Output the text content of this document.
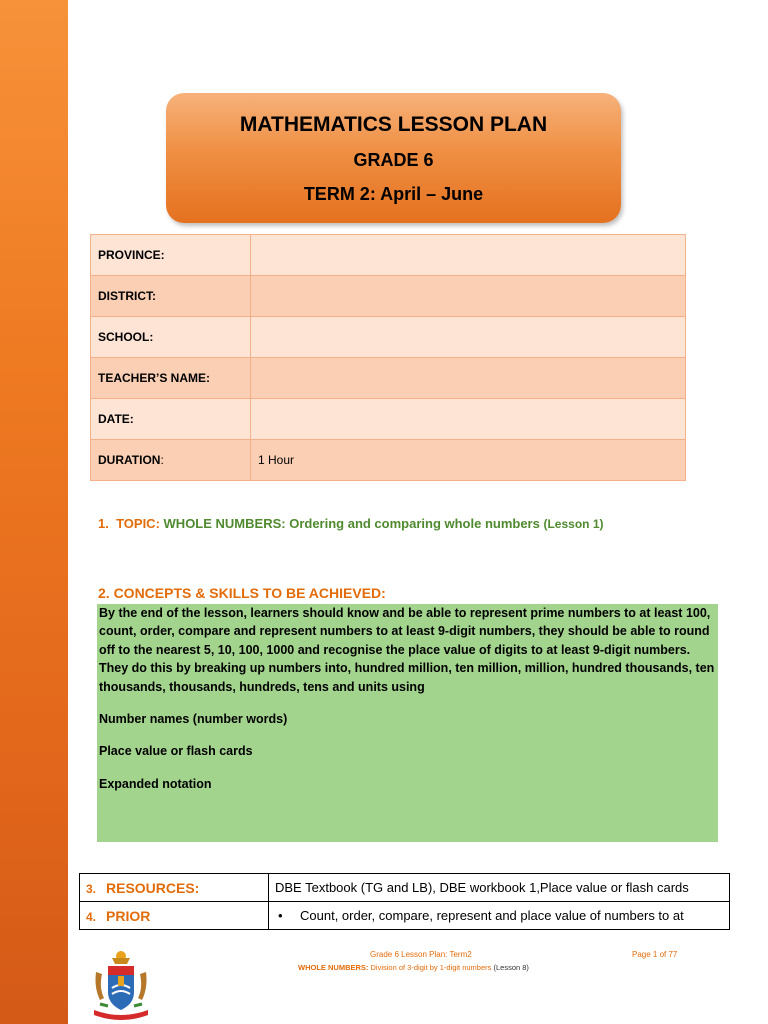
MATHEMATICS LESSON PLAN
GRADE 6
TERM 2: April – June
PROVINCE:	
DISTRICT:	
SCHOOL:	
TEACHER’S NAME:	
DATE:	
DURATION:	1 Hour
1. TOPIC: WHOLE NUMBERS: Ordering and comparing whole numbers (Lesson 1)
2. CONCEPTS & SKILLS TO BE ACHIEVED:

By the end of the lesson, learners should know and be able to represent prime numbers to at least 100, count, order, compare and represent numbers to at least 9-digit numbers, they should be able to round off to the nearest 5, 10, 100, 1000 and recognise the place value of digits to at least 9-digit numbers. They do this by breaking up numbers into, hundred million, ten million, million, hundred thousands, ten thousands, thousands, hundreds, tens and units using

Number names (number words)

Place value or flash cards

Expanded notation

3. RESOURCES:	DBE Textbook (TG and LB), DBE workbook 1,Place value or flash cards
4. PRIOR	• Count, order, compare, represent and place value of numbers to at
Grade 6 Lesson Plan: Term2	Page 1 of 77
WHOLE NUMBERS: Division of 3-digit by 1-digit numbers (Lesson 8)
